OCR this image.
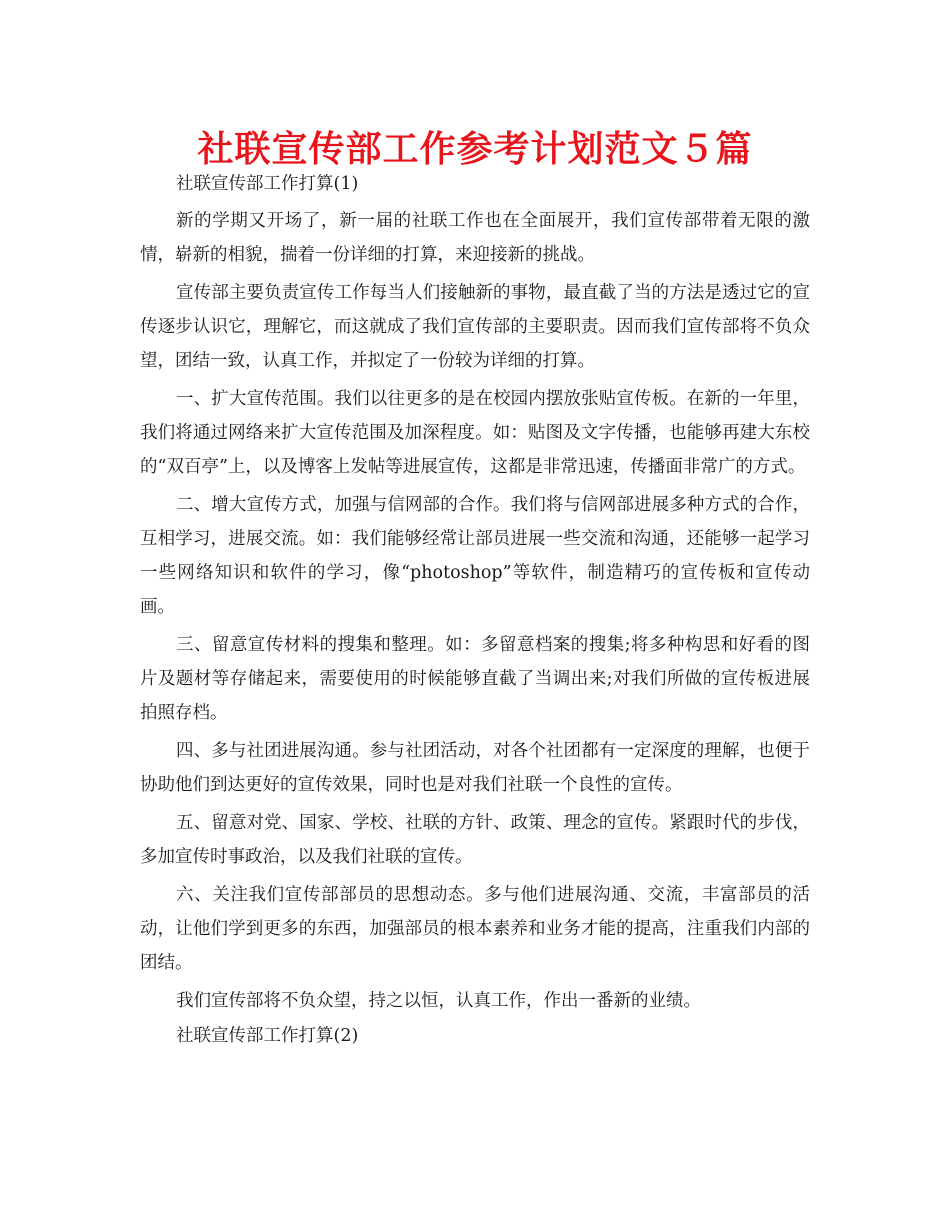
社联宣传部工作参考计划范文５篇

社联宣传部工作打算(1)

新的学期又开场了，新一届的社联工作也在全面展开，我们宣传部带着无限的激情，崭新的相貌，揣着一份详细的打算，来迎接新的挑战。

宣传部主要负责宣传工作每当人们接触新的事物，最直截了当的方法是透过它的宣传逐步认识它，理解它，而这就成了我们宣传部的主要职责。因而我们宣传部将不负众望，团结一致，认真工作，并拟定了一份较为详细的打算。

一、扩大宣传范围。我们以往更多的是在校园内摆放张贴宣传板。在新的一年里，我们将通过网络来扩大宣传范围及加深程度。如：贴图及文字传播，也能够再建大东校的“双百亭”上，以及博客上发帖等进展宣传，这都是非常迅速，传播面非常广的方式。

二、增大宣传方式，加强与信网部的合作。我们将与信网部进展多种方式的合作，互相学习，进展交流。如：我们能够经常让部员进展一些交流和沟通，还能够一起学习一些网络知识和软件的学习，像“photoshop”等软件，制造精巧的宣传板和宣传动画。

三、留意宣传材料的搜集和整理。如：多留意档案的搜集;将多种构思和好看的图片及题材等存储起来，需要使用的时候能够直截了当调出来;对我们所做的宣传板进展拍照存档。

四、多与社团进展沟通。参与社团活动，对各个社团都有一定深度的理解，也便于协助他们到达更好的宣传效果，同时也是对我们社联一个良性的宣传。

五、留意对党、国家、学校、社联的方针、政策、理念的宣传。紧跟时代的步伐，多加宣传时事政治，以及我们社联的宣传。

六、关注我们宣传部部员的思想动态。多与他们进展沟通、交流，丰富部员的活动，让他们学到更多的东西，加强部员的根本素养和业务才能的提高，注重我们内部的团结。

我们宣传部将不负众望，持之以恒，认真工作，作出一番新的业绩。

社联宣传部工作打算(2)
